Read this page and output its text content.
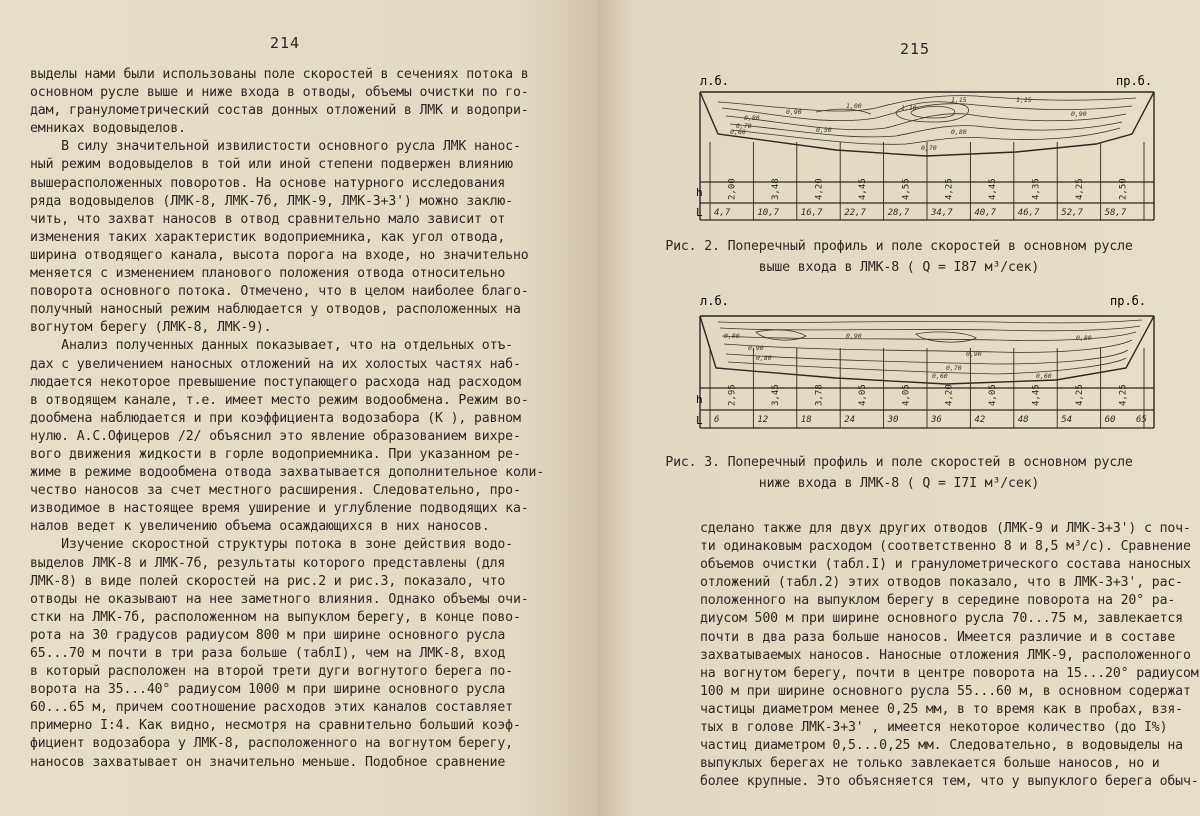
214
выделы нами были использованы поле скоростей в сечениях потока в
основном русле выше и ниже входа в отводы, объемы очистки по го-
дам, гранулометрический состав донных отложений в ЛМК и водопри-
емниках водовыделов.
В силу значительной извилистости основного русла ЛМК нанос-
ный режим водовыделов в той или иной степени подвержен влиянию
вышерасположенных поворотов. На основе натурного исследования
ряда водовыделов (ЛМК-8, ЛМК-7б, ЛМК-9, ЛМК-3+3') можно заклю-
чить, что захват наносов в отвод сравнительно мало зависит от
изменения таких характеристик водоприемника, как угол отвода,
ширина отводящего канала, высота порога на входе, но значительно
меняется с изменением планового положения отвода относительно
поворота основного потока. Отмечено, что в целом наиболее благо-
получный наносный режим наблюдается у отводов, расположенных на
вогнутом берегу (ЛМК-8, ЛМК-9).
Анализ полученных данных показывает, что на отдельных отъ-
дах с увеличением наносных отложений на их холостых частях наб-
людается некоторое превышение поступающего расхода над расходом
в отводящем канале, т.е. имеет место режим водообмена. Режим во-
дообмена наблюдается и при коэффициента водозабора (К ), равном
нулю. А.С.Офицеров /2/ объяснил это явление образованием вихре-
вого движения жидкости в горле водоприемника. При указанном ре-
жиме в режиме водообмена отвода захватывается дополнительное коли-
чество наносов за счет местного расширения. Следовательно, про-
изводимое в настоящее время уширение и углубление подводящих ка-
налов ведет к увеличению объема осаждающихся в них наносов.
Изучение скоростной структуры потока в зоне действия водо-
выделов ЛМК-8 и ЛМК-7б, результаты которого представлены (для
ЛМК-8) в виде полей скоростей на рис.2 и рис.3, показало, что
отводы не оказывают на нее заметного влияния. Однако объемы очи-
стки на ЛМК-7б, расположенном на выпуклом берегу, в конце пово-
рота на 30 градусов радиусом 800 м при ширине основного русла
65...70 м почти в три раза больше (таблI), чем на ЛМК-8, вход
в который расположен на второй трети дуги вогнутого берега по-
ворота на 35...40° радиусом 1000 м при ширине основного русла
60...65 м, причем соотношение расходов этих каналов составляет
примерно I:4. Как видно, несмотря на сравнительно больший коэф-
фициент водозабора у ЛМК-8, расположенного на вогнутом берегу,
наносов захватывает он значительно меньше. Подобное сравнение
215
л.б.	пр.б.
0,90
1,00	1,10
1,15	1,15
0,80
0,70
0,60	0,50
0,90
0,80
0,70
h
L
2,00	3,48	4,20	4,45	4,55	4,25	4,45	4,35	4,25	2,50
4,7	10,7 16,7 22,7 28,7 34,7 40,7 46,7 52,7 58,7
Рис. 2. Поперечный профиль и поле скоростей в основном русле
выше входа в ЛМК-8 ( Q = I87 м³/сек)
л.б.	пр.б.
0,80
0,90
0,80
0,90
0,90
0,80
0,70
0,60	0,60
h
L
2,95	3,45	3,78	4,05	4,05	4,20	4,05	4,45	4,25	4,25
6	12	18	24	30	36	42	48	54	60 65
Рис. 3. Поперечный профиль и поле скоростей в основном русле
ниже входа в ЛМК-8 ( Q = I7I м³/сек)
сделано также для двух других отводов (ЛМК-9 и ЛМК-3+3') с поч-
ти одинаковым расходом (соответственно 8 и 8,5 м³/с). Сравнение
объемов очистки (табл.I) и гранулометрического состава наносных
отложений (табл.2) этих отводов показало, что в ЛМК-3+3', рас-
положенного на выпуклом берегу в середине поворота на 20° ра-
диусом 500 м при ширине основного русла 70...75 м, завлекается
почти в два раза больше наносов. Имеется различие и в составе
захватываемых наносов. Наносные отложения ЛМК-9, расположенного
на вогнутом берегу, почти в центре поворота на 15...20° радиусом
100 м при ширине основного русла 55...60 м, в основном содержат
частицы диаметром менее 0,25 мм, в то время как в пробах, взя-
тых в голове ЛМК-3+3' , имеется некоторое количество (до I%)
частиц диаметром 0,5...0,25 мм. Следовательно, в водовыделы на
выпуклых берегах не только завлекается больше наносов, но и
более крупные. Это объясняется тем, что у выпуклого берега обыч-
